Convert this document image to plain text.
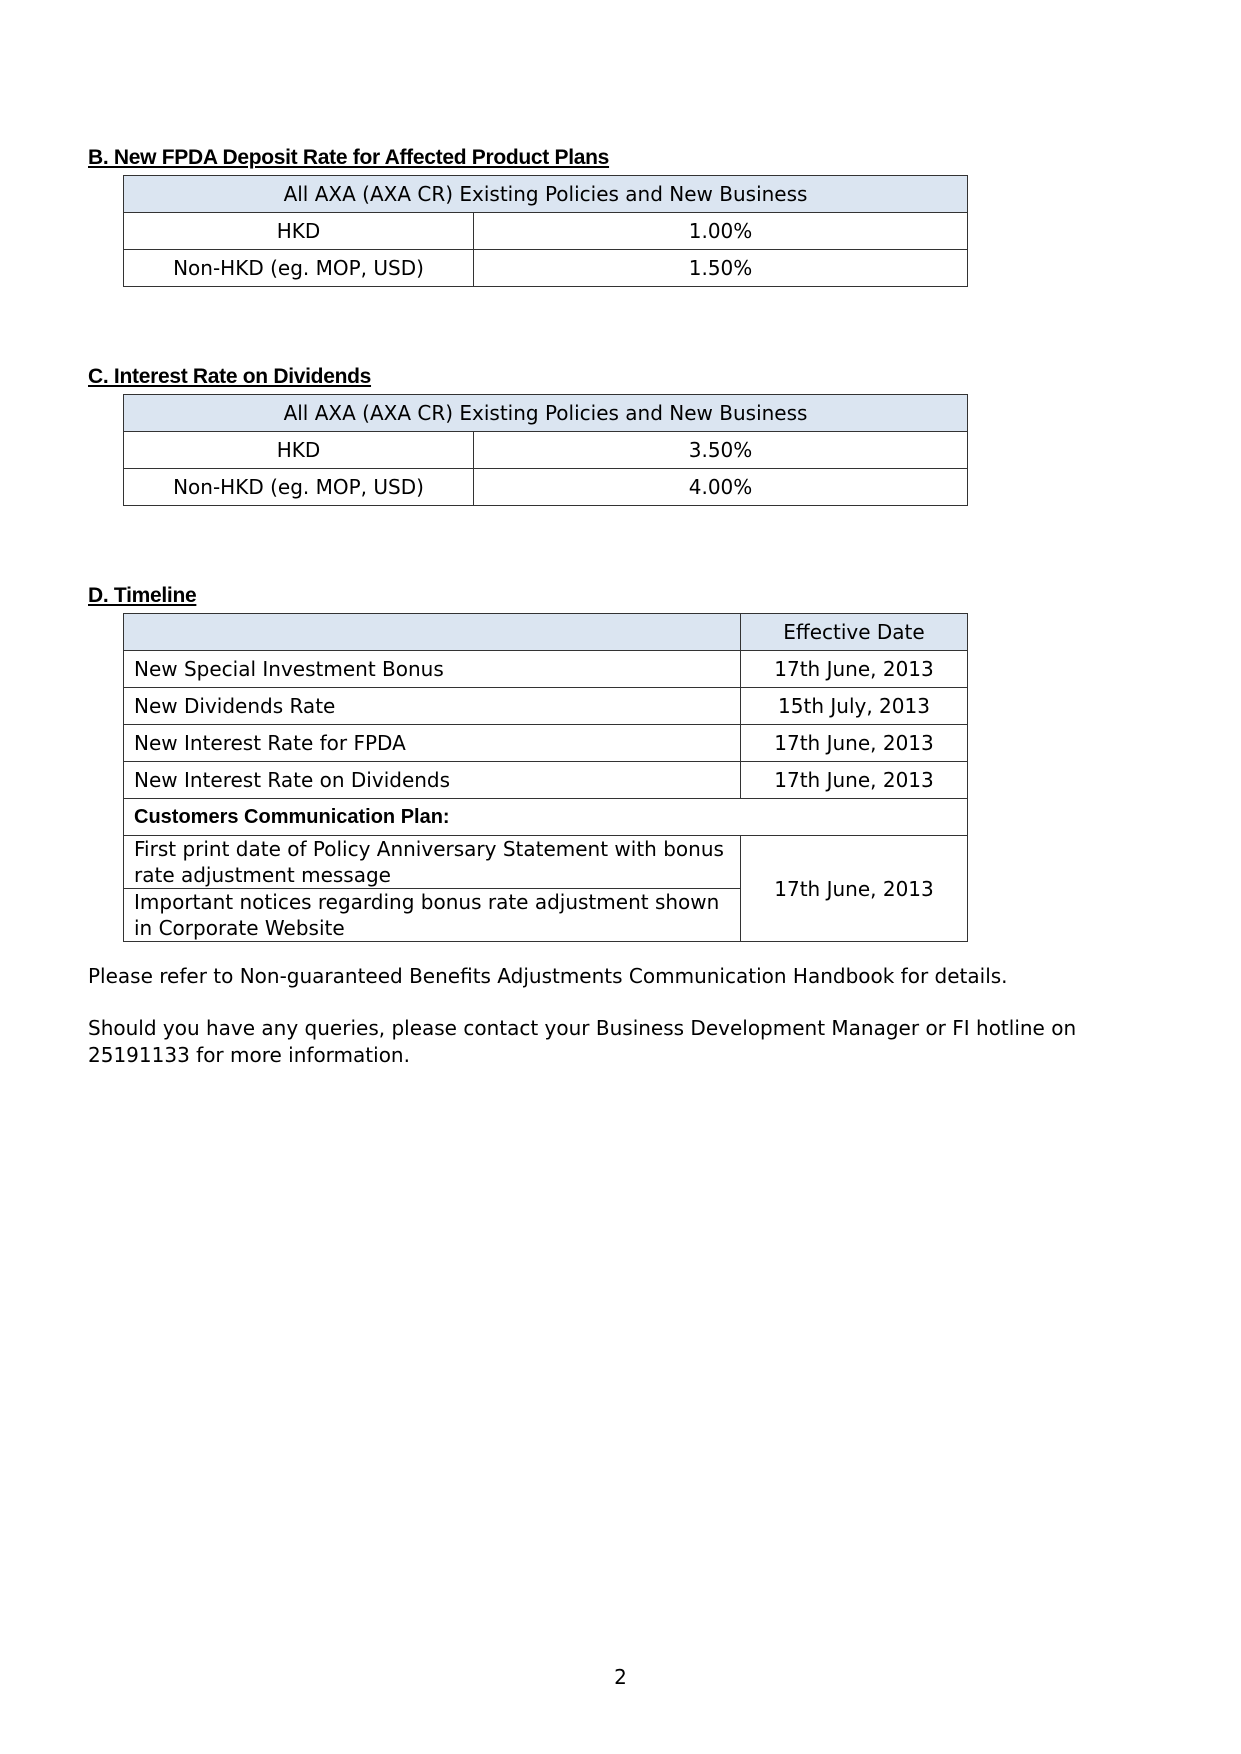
B. New FPDA Deposit Rate for Affected Product Plans

All AXA (AXA CR) Existing Policies and New Business	
HKD	1.00%
Non-HKD (eg. MOP, USD)	1.50%

C. Interest Rate on Dividends

All AXA (AXA CR) Existing Policies and New Business	
HKD	3.50%
Non-HKD (eg. MOP, USD)	4.00%

D. Timeline

	Effective Date
New Special Investment Bonus	17th June, 2013
New Dividends Rate	15th July, 2013
New Interest Rate for FPDA	17th June, 2013
New Interest Rate on Dividends	17th June, 2013
Customers Communication Plan:	
First print date of Policy Anniversary Statement with bonus rate adjustment message	17th June, 2013
Important notices regarding bonus rate adjustment shown in Corporate Website	

Please refer to Non-guaranteed Benefits Adjustments Communication Handbook for details.

Should you have any queries, please contact your Business Development Manager or FI hotline on 25191133 for more information.

2
